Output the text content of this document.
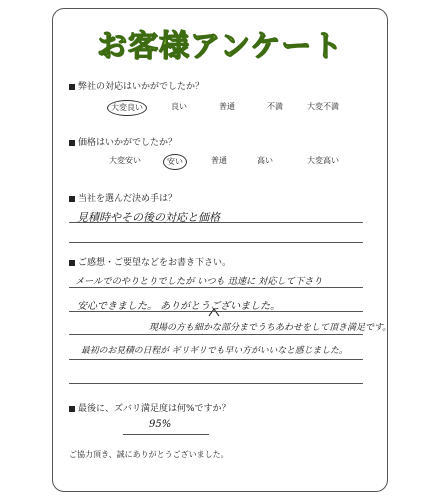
お客様アンケート
弊社の対応はいかがでしたか？
大変良い	良い	普通	不満	大変不満
価格はいかがでしたか？
大変安い	安い	普通	高い	大変高い
当社を選んだ決め手は？
見積時やその後の対応と価格
ご感想・ご要望などをお書き下さい。
メールでのやりとりでしたが いつも 迅速に 対応して下さり
安心できました。 ありがとうございました。
現場の方も細かな部分までうちあわせをして頂き満足です。
最初のお見積の日程が ギリギリでも早い方がいいなと感じました。
最後に、ズバリ満足度は何%ですか？
95%
ご協力頂き、誠にありがとうございました。
